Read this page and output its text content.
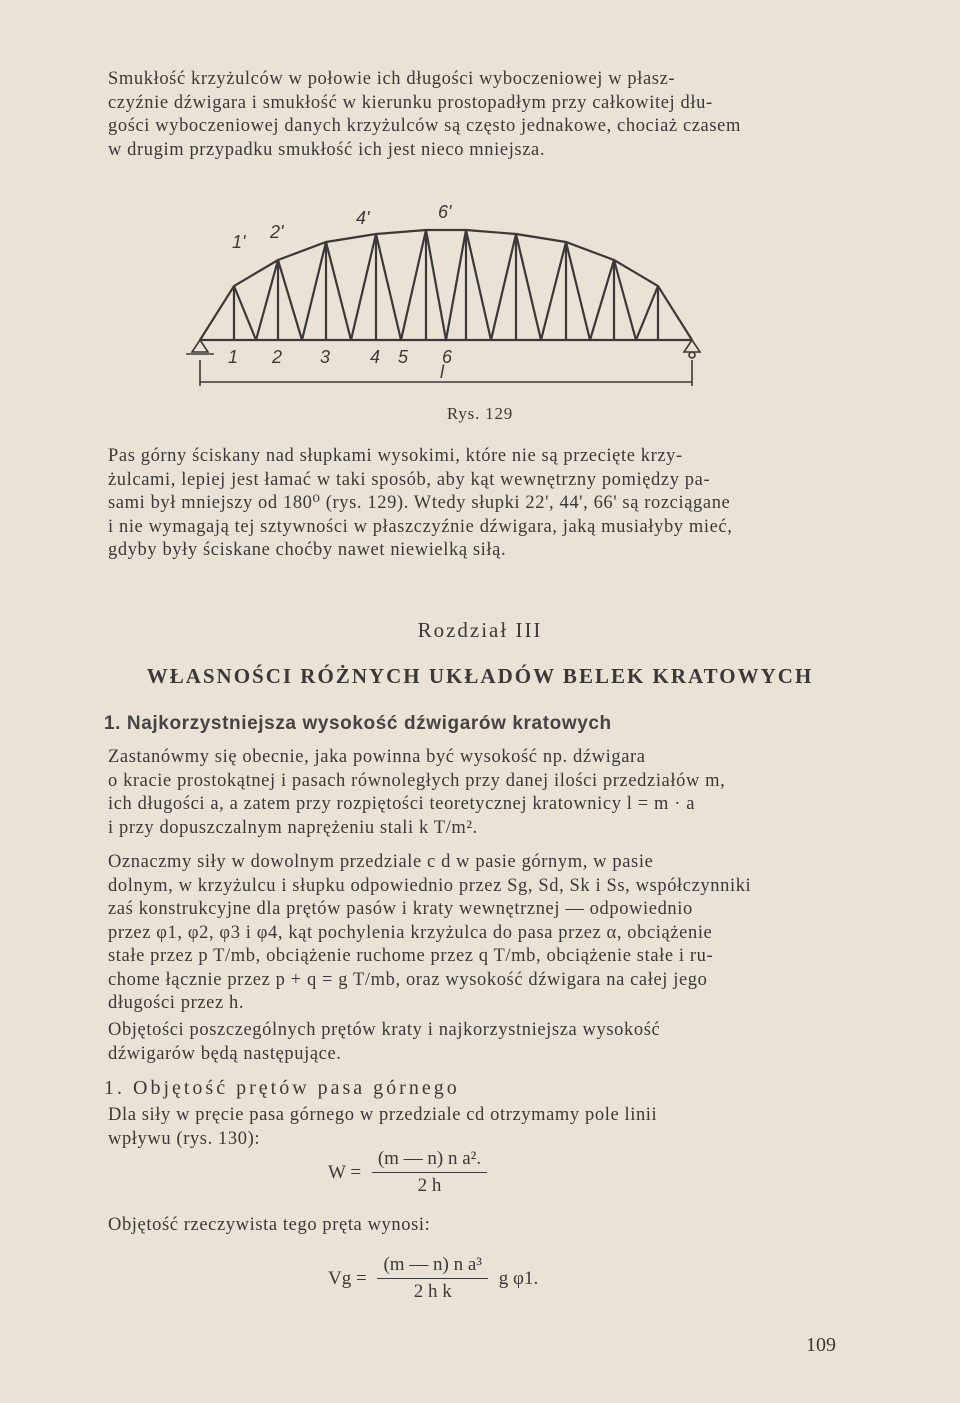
Smukłość krzyżulców w połowie ich długości wyboczeniowej w płasz-
czyźnie dźwigara i smukłość w kierunku prostopadłym przy całkowitej dłu-
gości wyboczeniowej danych krzyżulców są często jednakowe, chociaż czasem
w drugim przypadku smukłość ich jest nieco mniejsza.

1' 2'
4'	6'
1 2 3 4 5 6
l
Rys. 129

Pas górny ściskany nad słupkami wysokimi, które nie są przecięte krzy-
żulcami, lepiej jest łamać w taki sposób, aby kąt wewnętrzny pomiędzy pa-
sami był mniejszy od 180⁰ (rys. 129). Wtedy słupki 22', 44', 66' są rozciągane
i nie wymagają tej sztywności w płaszczyźnie dźwigara, jaką musiałyby mieć,
gdyby były ściskane choćby nawet niewielką siłą.

Rozdział III
WŁASNOŚCI RÓŻNYCH UKŁADÓW BELEK KRATOWYCH
1. Najkorzystniejsza wysokość dźwigarów kratowych

Zastanówmy się obecnie, jaka powinna być wysokość np. dźwigara
o kracie prostokątnej i pasach równoległych przy danej ilości przedziałów m,
ich długości a, a zatem przy rozpiętości teoretycznej kratownicy l = m · a
i przy dopuszczalnym naprężeniu stali k T/m².

Oznaczmy siły w dowolnym przedziale c d w pasie górnym, w pasie
dolnym, w krzyżulcu i słupku odpowiednio przez Sg, Sd, Sk i Ss, współczynniki
zaś konstrukcyjne dla prętów pasów i kraty wewnętrznej — odpowiednio
przez φ1, φ2, φ3 i φ4, kąt pochylenia krzyżulca do pasa przez α, obciążenie
stałe przez p T/mb, obciążenie ruchome przez q T/mb, obciążenie stałe i ru-
chome łącznie przez p + q = g T/mb, oraz wysokość dźwigara na całej jego
długości przez h.

Objętości poszczególnych prętów kraty i najkorzystniejsza wysokość
dźwigarów będą następujące.

1. Objętość prętów pasa górnego

Dla siły w pręcie pasa górnego w przedziale cd otrzymamy pole linii
wpływu (rys. 130):

$W = \frac{\text{(m — n) n a².}}{2 h}$

Objętość rzeczywista tego pręta wynosi:

$Vg = \frac{\text{(m — n) n a³}}{\text{2 h k}}$ g φ1.
109
